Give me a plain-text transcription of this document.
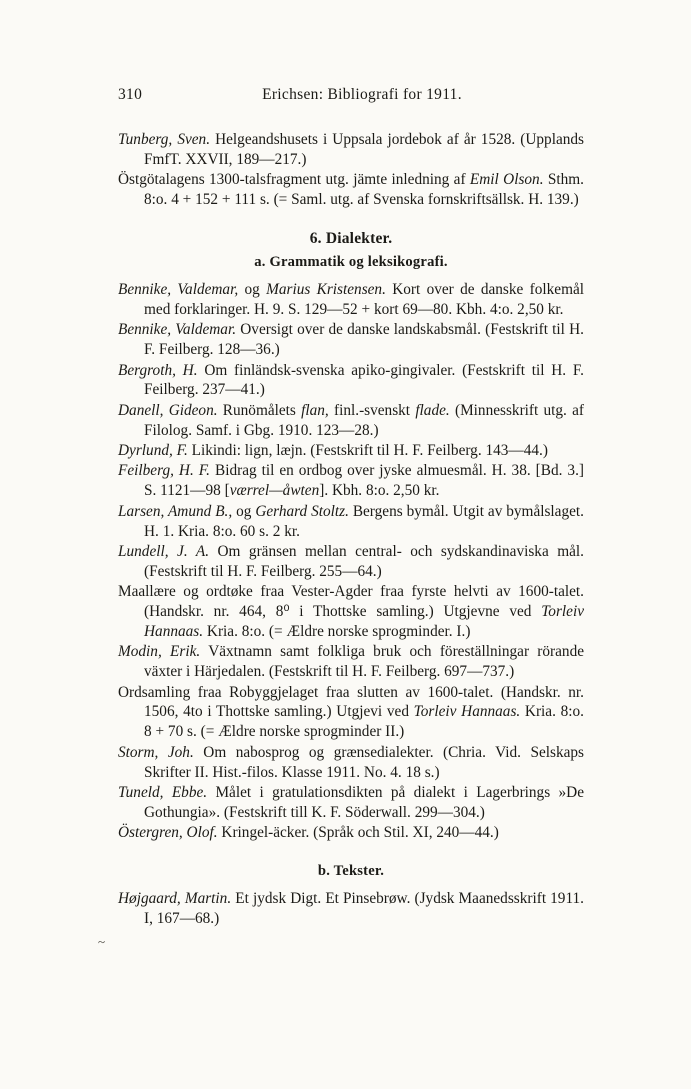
310	Erichsen: Bibliografi for 1911.
Tunberg, Sven. Helgeandshusets i Uppsala jordebok af år 1528. (Upplands FmfT. XXVII, 189—217.)
Östgötalagens 1300-talsfragment utg. jämte inledning af Emil Olson. Sthm. 8:o. 4 + 152 + 111 s. (= Saml. utg. af Svenska fornskriftsällsk. H. 139.)
6. Dialekter.
a. Grammatik og leksikografi.
Bennike, Valdemar, og Marius Kristensen. Kort over de danske folkemål med forklaringer. H. 9. S. 129—52 + kort 69—80. Kbh. 4:o. 2,50 kr.
Bennike, Valdemar. Oversigt over de danske landskabsmål. (Festskrift til H. F. Feilberg. 128—36.)
Bergroth, H. Om finländsk-svenska apiko-gingivaler. (Festskrift til H. F. Feilberg. 237—41.)
Danell, Gideon. Runömålets flan, finl.-svenskt flade. (Minnesskrift utg. af Filolog. Samf. i Gbg. 1910. 123—28.)
Dyrlund, F. Likindi: lign, læjn. (Festskrift til H. F. Feilberg. 143—44.)
Feilberg, H. F. Bidrag til en ordbog over jyske almuesmål. H. 38. [Bd. 3.] S. 1121—98 [værrel—åwten]. Kbh. 8:o. 2,50 kr.
Larsen, Amund B., og Gerhard Stoltz. Bergens bymål. Utgit av bymålslaget. H. 1. Kria. 8:o. 60 s. 2 kr.
Lundell, J. A. Om gränsen mellan central- och sydskandinaviska mål. (Festskrift til H. F. Feilberg. 255—64.)
Maallære og ordtøke fraa Vester-Agder fraa fyrste helvti av 1600-talet. (Handskr. nr. 464, 8⁰ i Thottske samling.) Utgjevne ved Torleiv Hannaas. Kria. 8:o. (= Ældre norske sprogminder. I.)
Modin, Erik. Växtnamn samt folkliga bruk och föreställningar rörande växter i Härjedalen. (Festskrift til H. F. Feilberg. 697—737.)
Ordsamling fraa Robyggjelaget fraa slutten av 1600-talet. (Handskr. nr. 1506, 4to i Thottske samling.) Utgjevi ved Torleiv Hannaas. Kria. 8:o. 8 + 70 s. (= Ældre norske sprogminder II.)
Storm, Joh. Om nabosprog og grænsedialekter. (Chria. Vid. Selskaps Skrifter II. Hist.-filos. Klasse 1911. No. 4. 18 s.)
Tuneld, Ebbe. Målet i gratulationsdikten på dialekt i Lagerbrings »De Gothungia». (Festskrift till K. F. Söderwall. 299—304.)
Östergren, Olof. Kringel-äcker. (Språk och Stil. XI, 240—44.)
b. Tekster.
Højgaard, Martin. Et jydsk Digt. Et Pinsebrøw. (Jydsk Maanedsskrift 1911. I, 167—68.)
~
